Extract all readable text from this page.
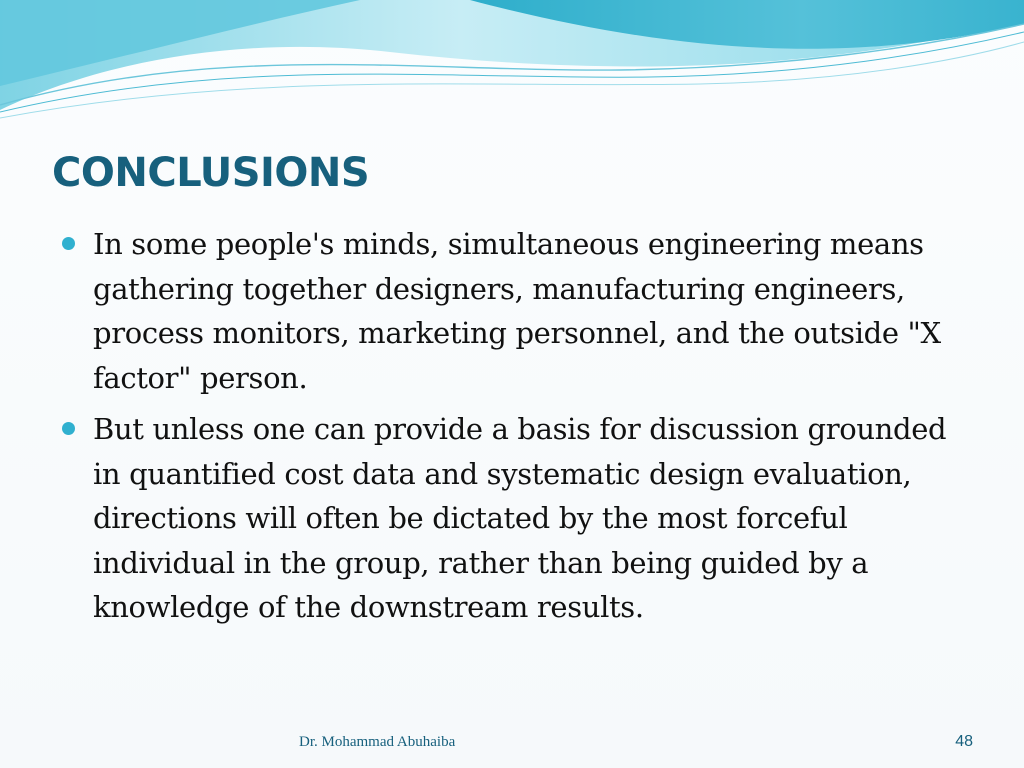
CONCLUSIONS
In some people's minds, simultaneous engineering means gathering together designers, manufacturing engineers, process monitors, marketing personnel, and the outside "X factor" person.
But unless one can provide a basis for discussion grounded in quantified cost data and systematic design evaluation, directions will often be dictated by the most forceful individual in the group, rather than being guided by a knowledge of the downstream results.
Dr. Mohammad Abuhaiba	48
